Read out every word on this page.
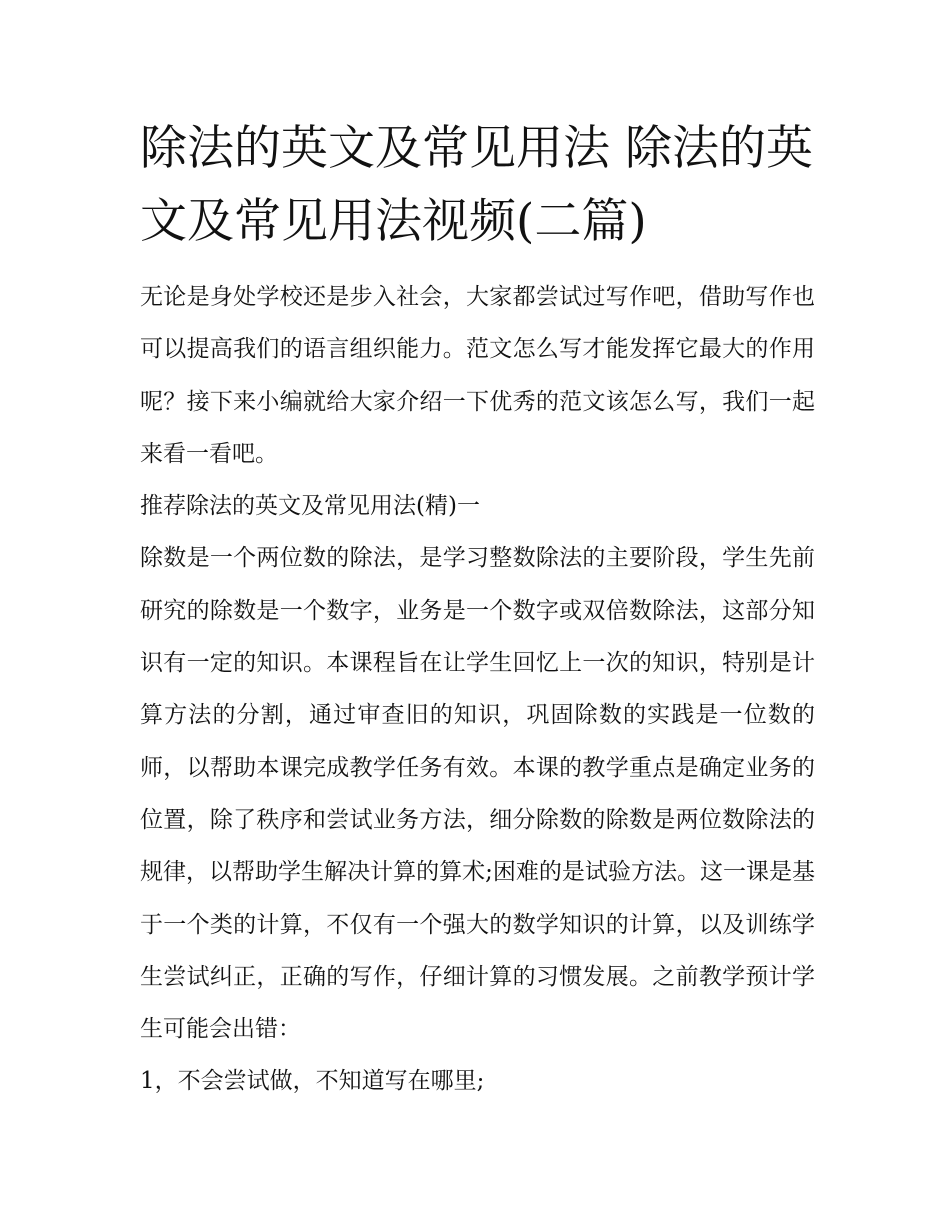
除法的英文及常见用法 除法的英文及常见用法视频(二篇)

无论是身处学校还是步入社会，大家都尝试过写作吧，借助写作也可以提高我们的语言组织能力。范文怎么写才能发挥它最大的作用呢？接下来小编就给大家介绍一下优秀的范文该怎么写，我们一起来看一看吧。

推荐除法的英文及常见用法(精)一

除数是一个两位数的除法，是学习整数除法的主要阶段，学生先前研究的除数是一个数字，业务是一个数字或双倍数除法，这部分知识有一定的知识。本课程旨在让学生回忆上一次的知识，特别是计算方法的分割，通过审查旧的知识，巩固除数的实践是一位数的师，以帮助本课完成教学任务有效。本课的教学重点是确定业务的位置，除了秩序和尝试业务方法，细分除数的除数是两位数除法的规律，以帮助学生解决计算的算术;困难的是试验方法。这一课是基于一个类的计算，不仅有一个强大的数学知识的计算，以及训练学生尝试纠正，正确的写作，仔细计算的习惯发展。之前教学预计学生可能会出错：

1，不会尝试做，不知道写在哪里;
